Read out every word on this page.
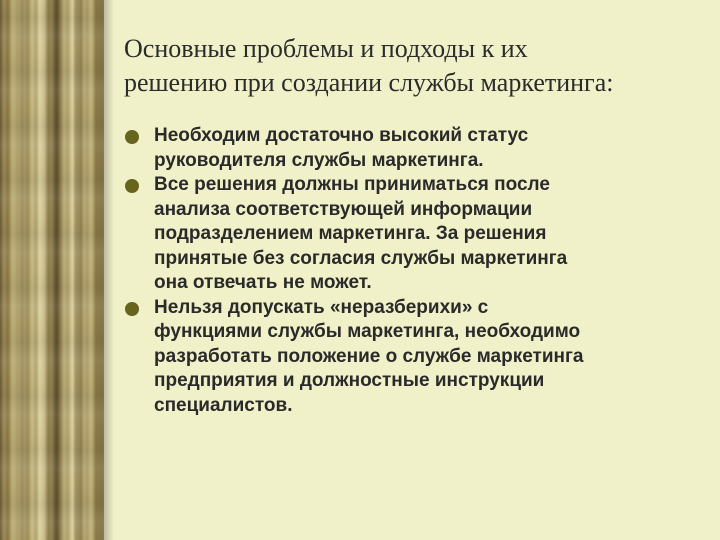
Основные проблемы и подходы к их
решению при создании службы маркетинга:
Необходим достаточно высокий статус
руководителя службы маркетинга.
Все решения должны приниматься после
анализа соответствующей информации
подразделением маркетинга. За решения
принятые без согласия службы маркетинга
она отвечать не может.
Нельзя допускать «неразберихи» с
функциями службы маркетинга, необходимо
разработать положение о службе маркетинга
предприятия и должностные инструкции
специалистов.
